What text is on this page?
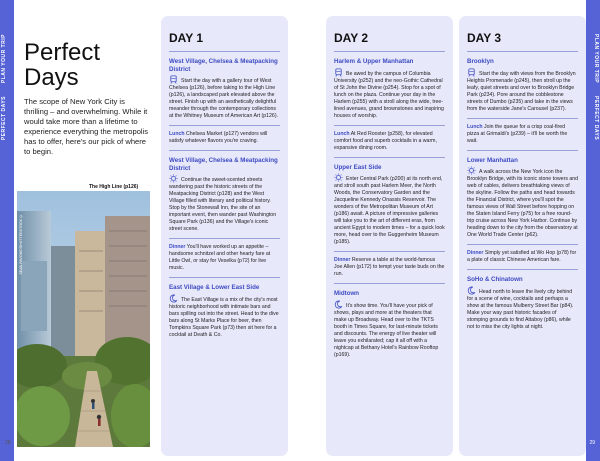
PLAN YOUR TRIP
PERFECT DAYS
Perfect Days
The scope of New York City is thrilling – and overwhelming. While it would take more than a lifetime to experience everything the metropolis has to offer, here's our pick of where to begin.
The High Line (p126)
SEAN PAVONE/SHUTTERSTOCK ©
28
DAY 1
West Village, Chelsea & Meatpacking District
Start the day with a gallery tour of West Chelsea (p126), before taking to the High Line (p126), a landscaped park elevated above the street. Finish up with an aesthetically delightful meander through the contemporary collections at the Whitney Museum of American Art (p126).
Lunch Chelsea Market (p127) vendors will satisfy whatever flavors you're craving.
West Village, Chelsea & Meatpacking District
Continue the sweet-scented streets wandering past the historic streets of the Meatpacking District (p128) and the West Village filled with literary and political history. Stop by the Stonewall Inn, the site of an important event, then wander past Washington Square Park (p136) and the Village's iconic street scene.
Dinner You'll have worked up an appetite – handsome schnitzel and other hearty fare at Little Owl, or stay for Veselka (p72) for live music.
East Village & Lower East Side
The East Village is a mix of the city's most historic neighborhood with intimate bars and bars spilling out into the street. Head to the dive bars along St Marks Place for beer, then Tompkins Square Park (p73) then sit here for a cocktail at Death & Co.
DAY 2
Harlem & Upper Manhattan
Be awed by the campus of Columbia University (p252) and the neo-Gothic Cathedral of St John the Divine (p254). Stop for a spot of lunch on the plaza. Continue your day in the Harlem (p255) with a stroll along the wide, tree-lined avenues, grand brownstones and inspiring houses of worship.
Lunch At Red Rooster (p258), for elevated comfort food and superb cocktails in a warm, expansive dining room.
Upper East Side
Enter Central Park (p200) at its north end, and stroll south past Harlem Meer, the North Woods, the Conservatory Garden and the Jacqueline Kennedy Onassis Reservoir. The wonders of the Metropolitan Museum of Art (p186) await. A picture of impressive galleries will take you to the art of different eras, from ancient Egypt to modern times – for a quick look more, head over to the Guggenheim Museum (p185).
Dinner Reserve a table at the world-famous Joe Allen (p172) to tempt your taste buds on the run.
Midtown
It's show time. You'll have your pick of shows, plays and more at the theaters that make up Broadway. Head over to the TKTS booth in Times Square, for last-minute tickets and discounts. The energy of live theater will leave you exhilarated; cap it all off with a nightcap at Bethany Hotel's Rainbow Rooftop (p169).
DAY 3
Brooklyn
Start the day with views from the Brooklyn Heights Promenade (p245), then stroll up the leafy, quiet streets and over to Brooklyn Bridge Park (p234). Pore around the cobblestone streets of Dumbo (p235) and take in the views from the waterside Jane's Carousel (p237).
Lunch Join the queue for a crisp coal-fired pizza at Grimaldi's (p239) – it'll be worth the wait.
Lower Manhattan
A walk across the New York icon the Brooklyn Bridge, with its iconic stone towers and web of cables, delivers breathtaking views of the skyline. Follow the paths and head towards the Financial District, where you'll spot the famous views of Wall Street before hopping on the Staten Island Ferry (p75) for a free round-trip cruise across New York Harbor. Continue by heading down to the city from the observatory at One World Trade Center (p62).
Dinner Simply yet satisfied at Wo Hop (p78) for a plate of classic Chinese American fare.
SoHo & Chinatown
Head north to leave the lively city behind for a scene of wine, cocktails and perhaps a show at the famous Mulberry Street Bar (p84). Make your way past historic facades of stomping grounds to find Attaboy (p86), while not to miss the city lights at night.
PLAN YOUR TRIP
PERFECT DAYS
29
